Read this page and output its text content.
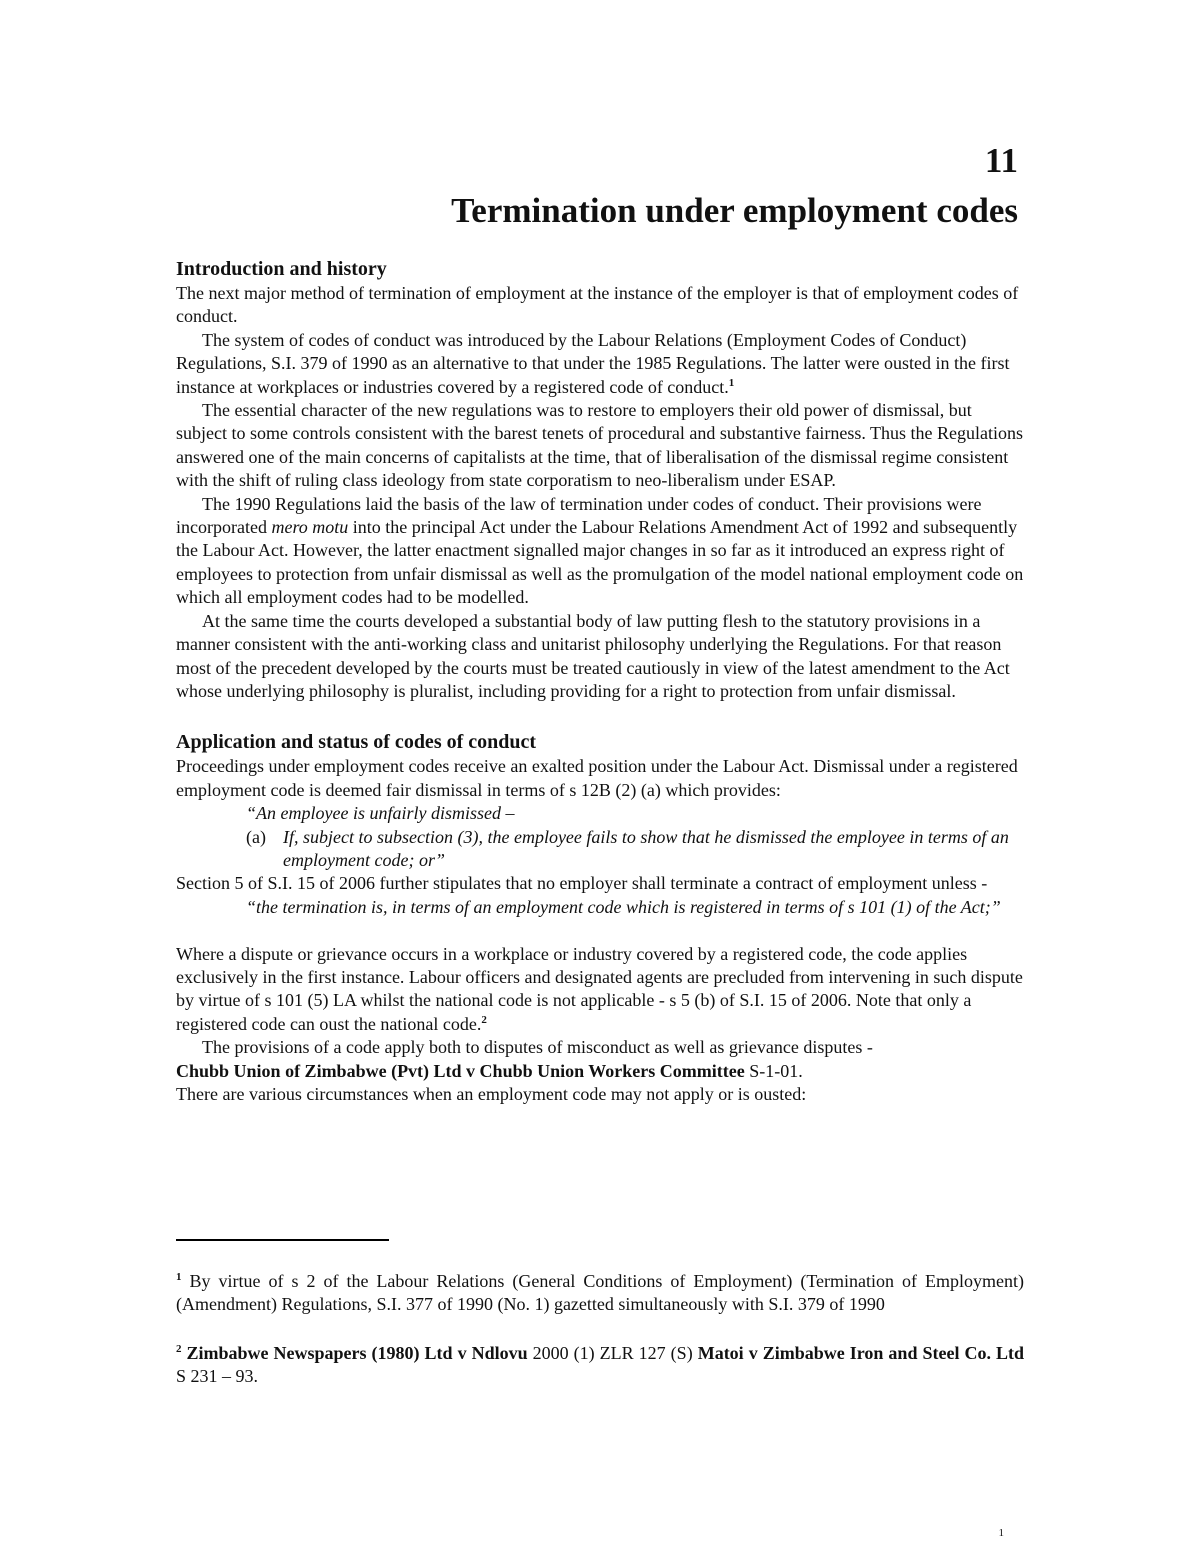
11
Termination under employment codes

Introduction and history

The next major method of termination of employment at the instance of the employer is that of employment codes of conduct.

The system of codes of conduct was introduced by the Labour Relations (Employment Codes of Conduct) Regulations, S.I. 379 of 1990 as an alternative to that under the 1985 Regulations. The latter were ousted in the first instance at workplaces or industries covered by a registered code of conduct.$^1$

The essential character of the new regulations was to restore to employers their old power of dismissal, but subject to some controls consistent with the barest tenets of procedural and substantive fairness. Thus the Regulations answered one of the main concerns of capitalists at the time, that of liberalisation of the dismissal regime consistent with the shift of ruling class ideology from state corporatism to neo-liberalism under ESAP.

The 1990 Regulations laid the basis of the law of termination under codes of conduct. Their provisions were incorporated mero motu into the principal Act under the Labour Relations Amendment Act of 1992 and subsequently the Labour Act. However, the latter enactment signalled major changes in so far as it introduced an express right of employees to protection from unfair dismissal as well as the promulgation of the model national employment code on which all employment codes had to be modelled.

At the same time the courts developed a substantial body of law putting flesh to the statutory provisions in a manner consistent with the anti-working class and unitarist philosophy underlying the Regulations. For that reason most of the precedent developed by the courts must be treated cautiously in view of the latest amendment to the Act whose underlying philosophy is pluralist, including providing for a right to protection from unfair dismissal.

Application and status of codes of conduct

Proceedings under employment codes receive an exalted position under the Labour Act. Dismissal under a registered employment code is deemed fair dismissal in terms of s 12B (2) (a) which provides:

“An employee is unfairly dismissed –

(a) If, subject to subsection (3), the employee fails to show that he dismissed the employee in terms of an employment code; or”

Section 5 of S.I. 15 of 2006 further stipulates that no employer shall terminate a contract of employment unless -

“the termination is, in terms of an employment code which is registered in terms of s 101 (1) of the Act;”

Where a dispute or grievance occurs in a workplace or industry covered by a registered code, the code applies exclusively in the first instance. Labour officers and designated agents are precluded from intervening in such dispute by virtue of s 101 (5) LA whilst the national code is not applicable - s 5 (b) of S.I. 15 of 2006. Note that only a registered code can oust the national code.$^2$

The provisions of a code apply both to disputes of misconduct as well as grievance disputes -

Chubb Union of Zimbabwe (Pvt) Ltd v Chubb Union Workers Committee S-1-01.

There are various circumstances when an employment code may not apply or is ousted:

$^1$ By virtue of s 2 of the Labour Relations (General Conditions of Employment) (Termination of Employment) (Amendment) Regulations, S.I. 377 of 1990 (No. 1) gazetted simultaneously with S.I. 379 of 1990

$^2$ Zimbabwe Newspapers (1980) Ltd v Ndlovu 2000 (1) ZLR 127 (S) Matoi v Zimbabwe Iron and Steel Co. Ltd S 231 – 93.

1
